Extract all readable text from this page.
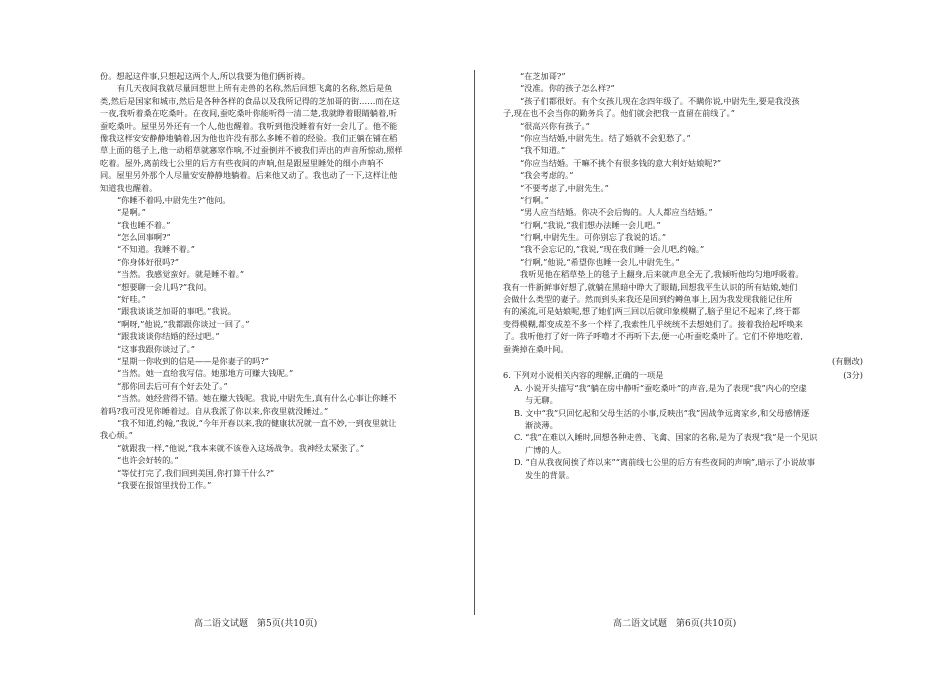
份。想起这件事,只想起这两个人,所以我要为他们俩祈祷。
有几天夜间我就尽量回想世上所有走兽的名称,然后回想飞禽的名称,然后是鱼
类,然后是国家和城市,然后是各种各样的食品以及我所记得的芝加哥的街……而在这
一夜,我听着桑在吃桑叶。在夜间,蚕吃桑叶你能听得一清二楚,我就睁着眼睛躺着,听
蚕吃桑叶。屋里另外还有一个人,他也醒着。我听到他没睡着有好一会儿了。他不能
像我这样安安静静地躺着,因为他也许没有那么多睡不着的经验。我们正躺在铺在稻
草上面的毯子上,他一动稻草就窸窣作响,不过蚕倒并不被我们弄出的声音所惊动,照样
吃着。屋外,离前线七公里的后方有些夜间的声响,但是跟屋里睡处的细小声响不
同。屋里另外那个人尽量安安静静地躺着。后来他又动了。我也动了一下,这样让他
知道我也醒着。
“你睡不着吗,中尉先生?”他问。
“是啊。”
“我也睡不着。”
“怎么回事啊?”
“不知道。我睡不着。”
“你身体好很吗?”
“当然。我感觉蛮好。就是睡不着。”
“想要聊一会儿吗?”我问。
“好哇。”
“跟我谈谈芝加哥的事吧。”我说。
“啊呀,”他说,“我都跟你谈过一回了。”
“跟我谈谈你结婚的经过吧。”
“这事我跟你谈过了。”
“星期一你收到的信是——是你妻子的吗?”
“当然。她一直给我写信。她那地方可赚大钱呢。”
“那你回去后可有个好去处了。”
“当然。她经营得不错。她在赚大钱呢。我说,中尉先生,真有什么心事让你睡不
着吗?我可没见你睡着过。自从我派了你以来,你夜里就没睡过。”
“我不知道,约翰,”我说,“今年开春以来,我的健康状况就一直不妙,一到夜里就让
我心烦。”
“就跟我一样,”他说,“我本来就不该卷入这场战争。我神经太紧张了。”
“也许会好转的。”
“等仗打完了,我们回到美国,你打算干什么?”
“我要在报馆里找份工作。”
高二语文试题　第5页(共10页)
“在芝加哥?”
“没准。你的孩子怎么样?”
“孩子们都很好。有个女孩儿现在念四年级了。不瞒你说,中尉先生,要是我没孩
子,现在也不会当你的勤务兵了。他们就会把我一直留在前线了。”
“很高兴你有孩子。”
“你应当结婚,中尉先生。结了婚就不会犯愁了。”
“我不知道。”
“你应当结婚。干嘛不挑个有很多钱的意大利好姑娘呢?”
“我会考虑的。”
“不要考虑了,中尉先生。”
“行啊。”
“男人应当结婚。你决不会后悔的。人人都应当结婚。”
“行啊,”我说,“我们想办法睡一会儿吧。”
“行啊,中尉先生。可你别忘了我说的话。”
“我不会忘记的,”我说,“现在我们睡一会儿吧,约翰。”
“行啊,”他说,“希望你也睡一会儿,中尉先生。”
我听见他在稻草垫上的毯子上翻身,后来就声息全无了,我倾听他均匀地呼吸着。
我有一件新鲜事好想了,就躺在黑暗中睁大了眼睛,回想我平生认识的所有姑娘,她们
会做什么类型的妻子。然而到头来我还是回到约鳟鱼事上,因为我发现我能记住所
有的溪流,可是姑娘呢,想了她们两三回以后就印象模糊了,脑子里记不起来了,终于都
变得模糊,都变成差不多一个样了,我索性几乎统统不去想她们了。接着我拾起呼唤来
了。我听他打了好一阵子呼噜才不再听下去,便一心听蚕吃桑叶了。它们不停地吃着,
蚕粪掉在桑叶间。
(有删改)
6. 下列对小说相关内容的理解,正确的一项是	(3分)
A. 小说开头描写“我”躺在房中静听“蚕吃桑叶”的声音,是为了表现“我”内心的空虚
与无聊。
B. 文中“我”只回忆起和父母生活的小事,反映出“我”因战争远离家乡,和父母感情逐
渐淡薄。
C. “我”在难以入睡时,回想各种走兽、飞禽、国家的名称,是为了表现“我”是一个见识
广博的人。
D. “自从我夜间挨了炸以来”“离前线七公里的后方有些夜间的声响”,暗示了小说故事
发生的背景。
高二语文试题　第6页(共10页)
